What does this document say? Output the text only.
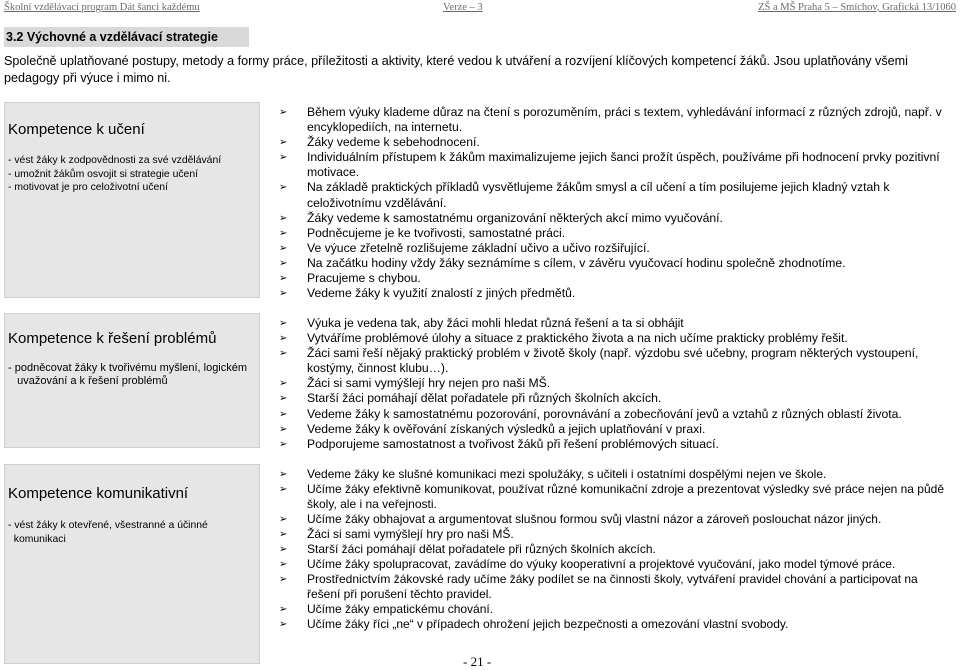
Školní vzdělávací program Dát šanci každému	Verze – 3	ZŠ a MŠ Praha 5 – Smíchov, Grafická 13/1060
3.2 Výchovné a vzdělávací strategie
Společně uplatňované postupy, metody a formy práce, příležitosti a aktivity, které vedou k utváření a rozvíjení klíčových kompetencí žáků. Jsou uplatňovány všemi pedagogy při výuce i mimo ni.
Kompetence k učení
- vést žáky k zodpovědnosti za své vzdělávání
- umožnit žákům osvojit si strategie učení
- motivovat je pro celoživotní učení
➢ Během výuky klademe důraz na čtení s porozuměním, práci s textem, vyhledávání informací z různých zdrojů, např. v encyklopediích, na internetu.
➢ Žáky vedeme k sebehodnocení.
➢ Individuálním přístupem k žákům maximalizujeme jejich šanci prožít úspěch, používáme při hodnocení prvky pozitivní motivace.
➢ Na základě praktických příkladů vysvětlujeme žákům smysl a cíl učení a tím posilujeme jejich kladný vztah k celoživotnímu vzdělávání.
➢ Žáky vedeme k samostatnému organizování některých akcí mimo vyučování.
➢ Podněcujeme je ke tvořivosti, samostatné práci.
➢ Ve výuce zřetelně rozlišujeme základní učivo a učivo rozšiřující.
➢ Na začátku hodiny vždy žáky seznámíme s cílem, v závěru vyučovací hodinu společně zhodnotíme.
➢ Pracujeme s chybou.
➢ Vedeme žáky k využití znalostí z jiných předmětů.
Kompetence k řešení problémů
- podněcovat žáky k tvořivému myšlení, logickém
uvažování a k řešení problémů
➢ Výuka je vedena tak, aby žáci mohli hledat různá řešení a ta si obhájit
➢ Vytváříme problémové úlohy a situace z praktického života a na nich učíme prakticky problémy řešit.
➢ Žáci sami řeší nějaký praktický problém v životě školy (např. výzdobu své učebny, program některých vystoupení, kostýmy, činnost klubu…).
➢ Žáci si sami vymýšlejí hry nejen pro naši MŠ.
➢ Starší žáci pomáhají dělat pořadatele při různých školních akcích.
➢ Vedeme žáky k samostatnému pozorování, porovnávání a zobecňování jevů a vztahů z různých oblastí života.
➢ Vedeme žáky k ověřování získaných výsledků a jejich uplatňování v praxi.
➢ Podporujeme samostatnost a tvořivost žáků při řešení problémových situací.
Kompetence komunikativní
- vést žáky k otevřené, všestranné a účinné
komunikaci
➢ Vedeme žáky ke slušné komunikaci mezi spolužáky, s učiteli i ostatními dospělými nejen ve škole.
➢ Učíme žáky efektivně komunikovat, používat různé komunikační zdroje a prezentovat výsledky své práce nejen na půdě školy, ale i na veřejnosti.
➢ Učíme žáky obhajovat a argumentovat slušnou formou svůj vlastní názor a zároveň poslouchat názor jiných.
➢ Žáci si sami vymýšlejí hry pro naši MŠ.
➢ Starší žáci pomáhají dělat pořadatele při různých školních akcích.
➢ Učíme žáky spolupracovat, zavádíme do výuky kooperativní a projektové vyučování, jako model týmové práce.
➢ Prostřednictvím žákovské rady učíme žáky podílet se na činnosti školy, vytváření pravidel chování a participovat na řešení při porušení těchto pravidel.
➢ Učíme žáky empatickému chování.
➢ Učíme žáky říci „ne“ v případech ohrožení jejich bezpečnosti a omezování vlastní svobody.
- 21 -
